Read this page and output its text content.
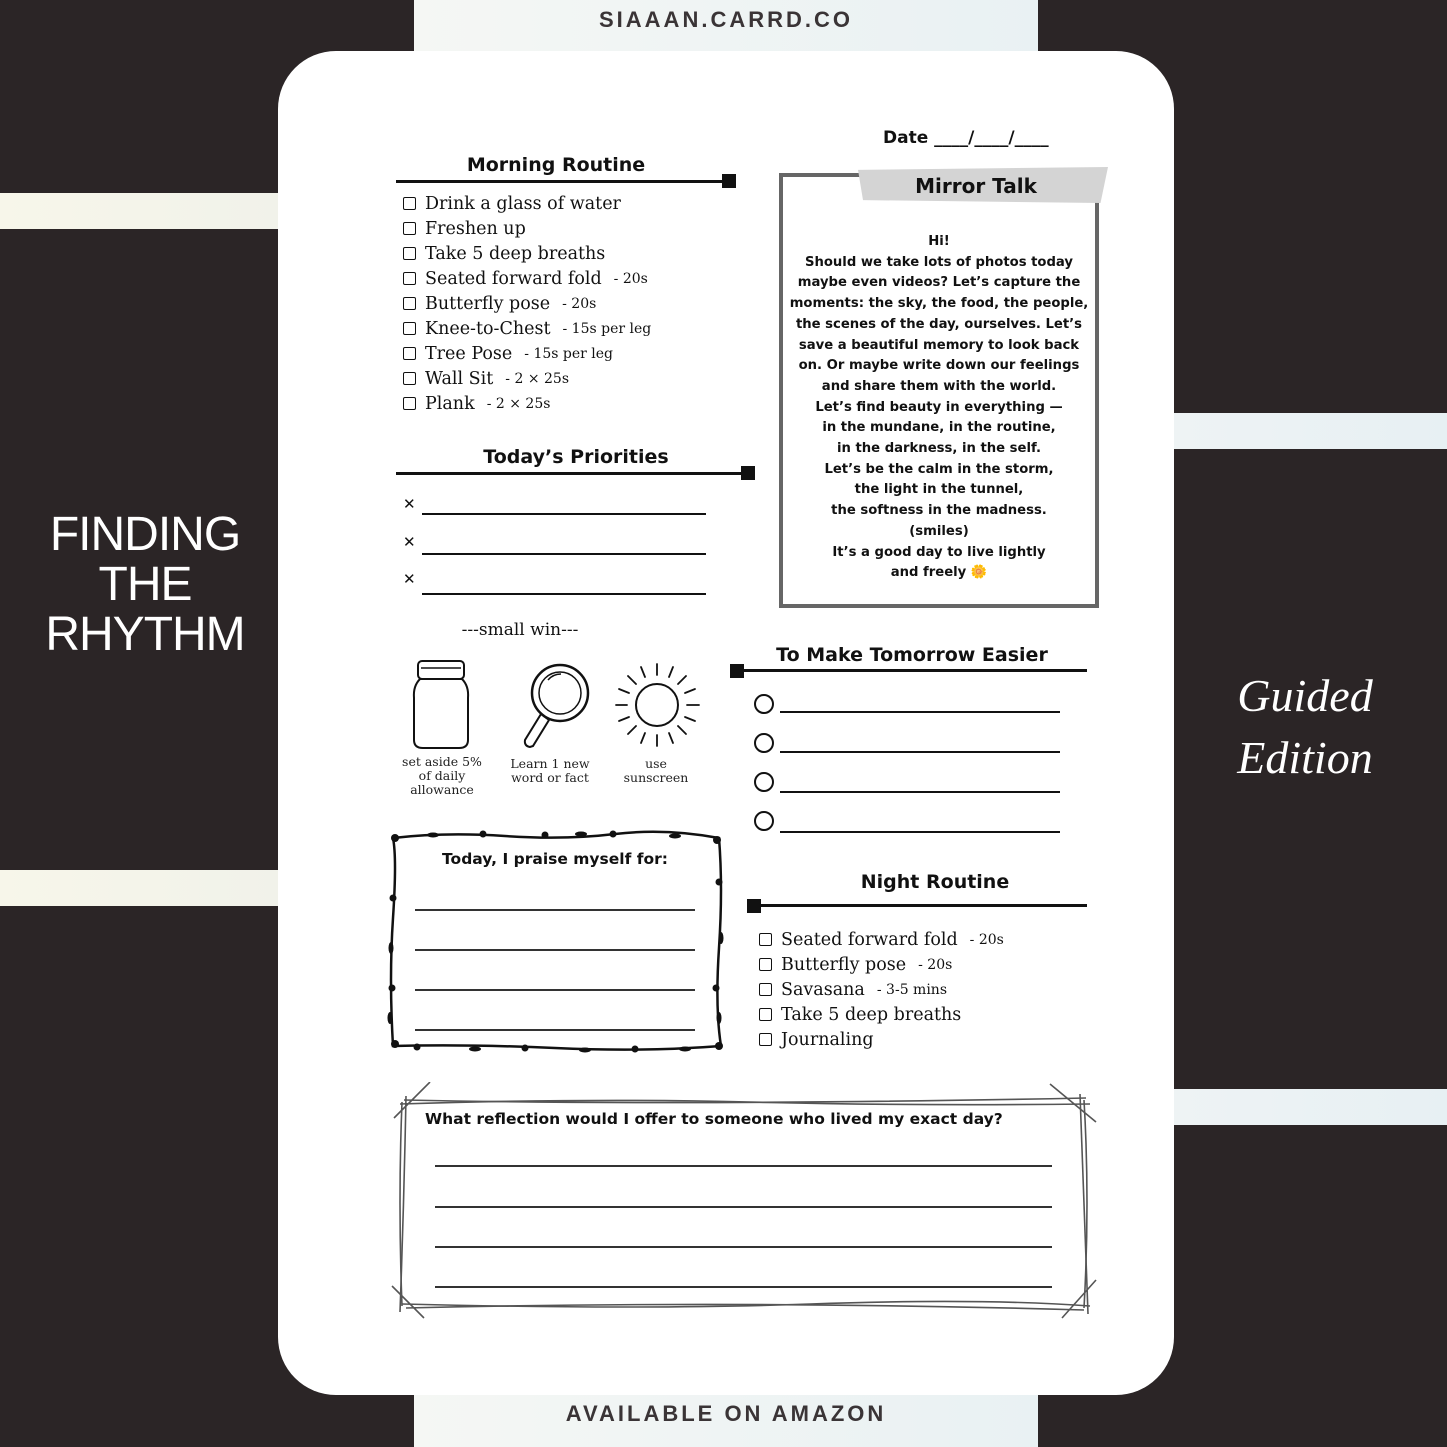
SIAAAN.CARRD.CO
AVAILABLE ON AMAZON
FINDING
THE
RHYTHM
Guided
Edition
Date ____/____/____
Morning Routine
Drink a glass of water
Freshen up
Take 5 deep breaths
Seated forward fold - 20s
Butterfly pose - 20s
Knee-to-Chest - 15s per leg
Tree Pose - 15s per leg
Wall Sit - 2 × 25s
Plank - 2 × 25s
Today’s Priorities
✕
✕
✕
Hi!
Should we take lots of photos today
maybe even videos? Let’s capture the
moments: the sky, the food, the people,
the scenes of the day, ourselves. Let’s
save a beautiful memory to look back
on. Or maybe write down our feelings
and share them with the world.
Let’s find beauty in everything —
in the mundane, in the routine,
in the darkness, in the self.
Let’s be the calm in the storm,
the light in the tunnel,
the softness in the madness.
(smiles)
It’s a good day to live lightly
and freely 🌼
Mirror Talk
---small win---
set aside 5%
of daily
allowance
Learn 1 new
word or fact
use
sunscreen
To Make Tomorrow Easier
Today, I praise myself for:
Night Routine
Seated forward fold - 20s
Butterfly pose - 20s
Savasana - 3-5 mins
Take 5 deep breaths
Journaling
What reflection would I offer to someone who lived my exact day?
